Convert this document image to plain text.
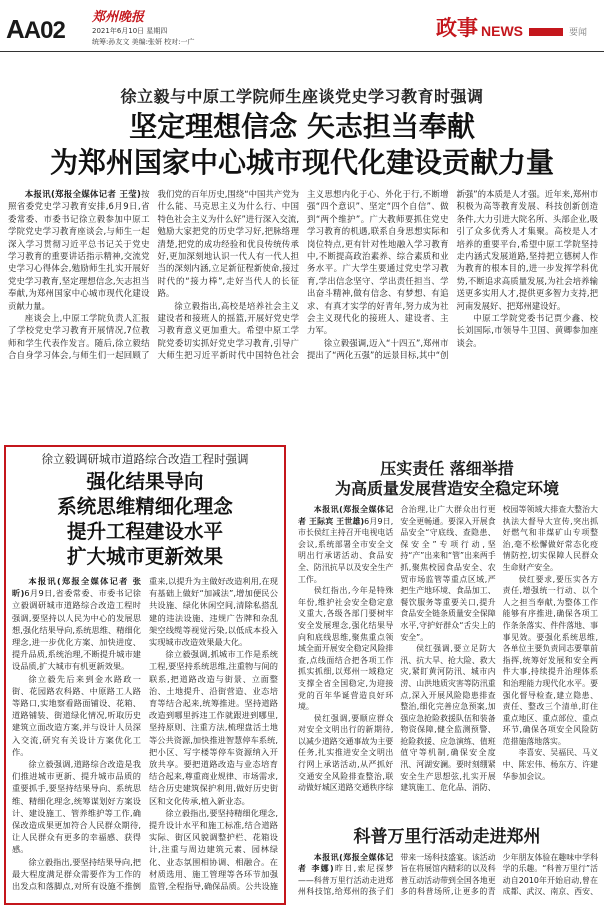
AA02 郑州晚报
2021年6月10日 星期四
统筹:孙友文 美编:张妍 校对:一广
政事 NEWS	要闻
徐立毅与中原工学院师生座谈党史学习教育时强调
坚定理想信念 矢志担当奉献
为郑州国家中心城市现代化建设贡献力量

本报讯(郑报全媒体记者 王莹)按照省委党史学习教育安排,6月9日,省委常委、市委书记徐立毅参加中原工学院党史学习教育座谈会,与师生一起深入学习贯彻习近平总书记关于党史学习教育的重要讲话指示精神,交流党史学习心得体会,勉励师生扎实开展好党史学习教育,坚定理想信念,矢志担当奉献,为郑州国家中心城市现代化建设贡献力量。

座谈会上,中原工学院负责人汇报了学校党史学习教育开展情况,7位教师和学生代表作发言。随后,徐立毅结合自身学习体会,与师生们一起回顾了我们党的百年历史,围绕“中国共产党为什么能、马克思主义为什么行、中国特色社会主义为什么好”进行深入交流,勉励大家把党的历史学习好,把脉络理清楚,把党的成功经验和优良传统传承好,更加深刻地认识一代人有一代人担当的深刻内涵,立足新征程新使命,接过时代的“接力棒”,走好当代人的长征路。

徐立毅指出,高校是培养社会主义建设者和接班人的摇篮,开展好党史学习教育意义更加重大。希望中原工学院党委切实抓好党史学习教育,引导广大师生把习近平新时代中国特色社会主义思想内化于心、外化于行,不断增强“四个意识”、坚定“四个自信”、做到“两个维护”。广大教师要抓住党史学习教育的机遇,联系自身思想实际和岗位特点,更有针对性地融入学习教育中,不断提高政治素养、综合素质和业务水平。广大学生要通过党史学习教育,学出信念坚守、学出责任担当、学出奋斗精神,做有信念、有梦想、有追求、有真才实学的好青年,努力成为社会主义现代化的接班人、建设者、主力军。

徐立毅强调,迈入“十四五”,郑州市提出了“两化五强”的远景目标,其中“创新强”的本质是人才强。近年来,郑州市积极为高等教育发展、科技创新创造条件,大力引进大院名所、头部企业,吸引了众多优秀人才集聚。高校是人才培养的重要平台,希望中原工学院坚持走内涵式发展道路,坚持把立德树人作为教育的根本目的,进一步发挥学科优势,不断追求高质量发展,为社会培养输送更多实用人才,提供更多智力支持,把河南发展好、把郑州建设好。

中原工学院党委书记贾少鑫、校长刘国际,市领导牛卫国、黄卿参加座谈会。

徐立毅调研城市道路综合改造工程时强调
强化结果导向
系统思维精细化理念
提升工程建设水平
扩大城市更新效果

本报讯(郑报全媒体记者 张昕)6月9日,省委常委、市委书记徐立毅调研城市道路综合改造工程时强调,要坚持以人民为中心的发展思想,强化结果导向,系统思维、精细化理念,进一步优化方案、加快进度、提升品质,系统治理,不断提升城市建设品质,扩大城市有机更新效果。

徐立毅先后来到金水路政一街、花园路农科路、中原路工人路等路口,实地察看路面铺设、花箱、道路铺装、街道绿化情况,听取历史建筑立面改造方案,并与设计人员深入交流,研究有关设计方案优化工作。

徐立毅强调,道路综合改造是我们推进城市更新、提升城市品质的重要抓手,要坚持结果导向、系统思维、精细化理念,统筹谋划好方案设计、建设施工、管养维护等工作,确保改造成果更加符合人民群众期待,让人民群众有更多的幸福感、获得感。

徐立毅指出,要坚持结果导向,把最大程度满足群众需要作为工作的出发点和落脚点,对所有设施不推倒重来,以提升为主做好改造利用,在现有基础上做好“加减法”,增加便民公共设施、绿化休闲空间,清除私搭乱建的违法设施、违规广告牌和杂乱架空线缆等视觉污染,以低成本投入实现城市改造效果最大化。

徐立毅强调,抓城市工作是系统工程,要坚持系统思维,注重物与间的联系,把道路改造与街景、立面整治、土地提升、沿街营造、业态培育等结合起来,统筹推进。坚持道路改造到哪里拆违工作就跟进到哪里,坚持原则、注重方法,梳理盘活土地等公共资源,加快推进智慧停车系统,把小区、写字楼等停车资源纳入开放共享。要把道路改造与业态培育结合起来,尊重商业规律、市场需求,结合历史建筑保护利用,做好历史街区和文化传承,植入新业态。

徐立毅指出,要坚持精细化理念,提升设计水平和施工标准,结合道路实际、街区风貌调整护栏、花箱设计,注重与周边建筑元素、园林绿化、业态氛围相协调、相融合。在材质选用、施工管理等各环节加强监管,全程指导,确保品质。公共设施

压实责任 落细举措
为高质量发展营造安全稳定环境

本报讯(郑报全媒体记者 王际宾 王世雄)6月9日,市长侯红主持召开电视电话会议,系统部署全市安全文明出行承诺活动、食品安全、防汛抗旱以及安全生产工作。

侯红指出,今年是特殊年份,维护社会安全稳定意义重大,各级各部门要树牢安全发展理念,强化结果导向和底线思维,聚焦重点领域全面开展安全稳定风险排查,点线面结合把各项工作抓实抓细,以郑州一域稳定支撑全省全国稳定,为迎接党的百年华诞营造良好环境。

侯红强调,要顺应群众对安全文明出行的新期待,以减少道路交通事故为主要任务,扎实推进安全文明出行网上承诺活动,从严抓好交通安全风险排查整治,联动做好城区道路交通秩序综合治理,让广大群众出行更安全更畅通。要深入开展食品安全“守底线、查隐患、保安全”专项行动,坚持“产”出来和“管”出来两手抓,聚焦校园食品安全、农贸市场监管等重点区域,严把生产地环境、食品加工、餐饮服务等重要关口,提升食品安全链条质量安全保障水平,守护好群众“舌尖上的安全”。

侯红强调,要立足防大汛、抗大旱、抢大险、救大灾,紧盯黄河防汛、城市内涝、山洪地质灾害等防汛重点,深入开展风险隐患排查整治,细化完善应急预案,加强应急抢险救援队伍和装备物资保障,健全监测预警、抢险救援、应急演练、值班值守等机制,确保安全度汛、河湖安澜。要时刻绷紧安全生产思想弦,扎实开展建筑施工、危化品、消防、校园等领域大排查大整治大执法大督导大宣传,突出抓好燃气和非煤矿山专项整治,毫不松懈做好常态化疫情防控,切实保障人民群众生命财产安全。

侯红要求,要压实各方责任,增强统一行动、以个人之担当奉献,为整体工作能够有序推进,确保各项工作条条落实、件件落地、事事见效。要强化系统思维,各单位主要负责同志要靠前指挥,统筹好发展和安全两件大事,持续提升治理体系和治理能力现代化水平。要强化督导检查,建立隐患、责任、整改三个清单,盯住重点地区、重点部位、重点环节,确保各项安全风险防范措施落地落实。

李喜安、吴福民、马义中、陈宏伟、杨东方、许建华参加会议。

科普万里行活动走进郑州

本报讯(郑报全媒体记者 李娜)昨日,索尼探梦——科普万里行活动走进郑州科技馆,给郑州的孩子们带来一场科技盛宴。该活动旨在将展馆内精彩的以及科普互动活动带到全国各地更多的科普场所,让更多的青少年朋友体验在趣味中学科学的乐趣。“科普万里行”活动自2010年开始启动,曾在成都、武汉、南京、西安、
